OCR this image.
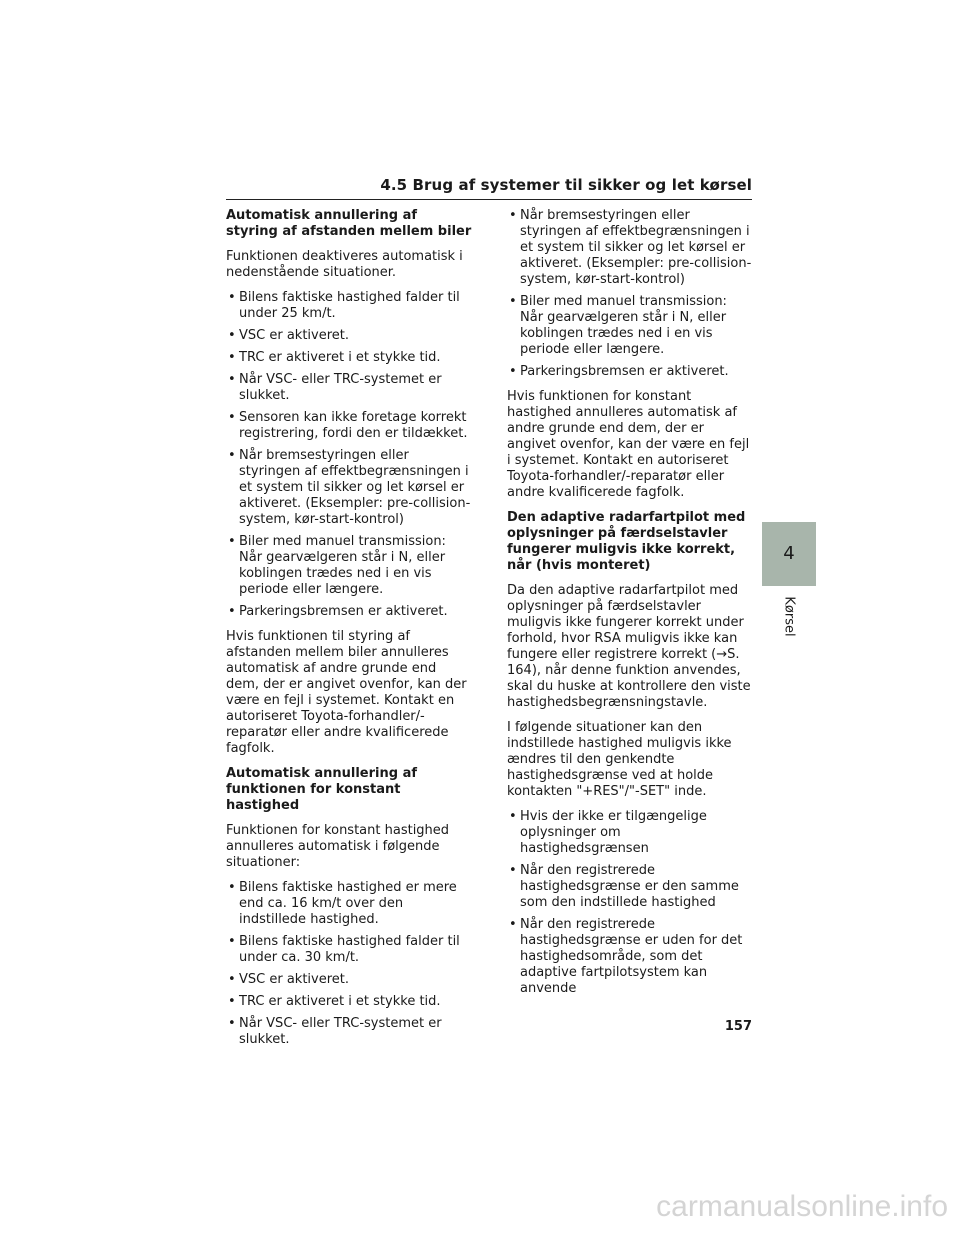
4.5 Brug af systemer til sikker og let kørsel
Automatisk annullering af styring af afstanden mellem biler

Funktionen deaktiveres automatisk i nedenstående situationer.

• Bilens faktiske hastighed falder til under 25 km/t.
• VSC er aktiveret.
• TRC er aktiveret i et stykke tid.
• Når VSC- eller TRC-systemet er slukket.
• Sensoren kan ikke foretage korrekt registrering, fordi den er tildækket.
• Når bremsestyringen eller styringen af effektbegrænsningen i et system til sikker og let kørsel er aktiveret. (Eksempler: pre-collision-system, kør-start-kontrol)
• Biler med manuel transmission: Når gearvælgeren står i N, eller koblingen trædes ned i en vis periode eller længere.
• Parkeringsbremsen er aktiveret.

Hvis funktionen til styring af afstanden mellem biler annulleres automatisk af andre grunde end dem, der er angivet ovenfor, kan der være en fejl i systemet. Kontakt en autoriseret Toyota-forhandler/-reparatør eller andre kvalificerede fagfolk.

Automatisk annullering af funktionen for konstant hastighed

Funktionen for konstant hastighed annulleres automatisk i følgende situationer:

• Bilens faktiske hastighed er mere end ca. 16 km/t over den indstillede hastighed.
• Bilens faktiske hastighed falder til under ca. 30 km/t.
• VSC er aktiveret.
• TRC er aktiveret i et stykke tid.
• Når VSC- eller TRC-systemet er slukket.
• Når bremsestyringen eller styringen af effektbegrænsningen i et system til sikker og let kørsel er aktiveret. (Eksempler: pre-collision-system, kør-start-kontrol)
• Biler med manuel transmission: Når gearvælgeren står i N, eller koblingen trædes ned i en vis periode eller længere.
• Parkeringsbremsen er aktiveret.

Hvis funktionen for konstant hastighed annulleres automatisk af andre grunde end dem, der er angivet ovenfor, kan der være en fejl i systemet. Kontakt en autoriseret Toyota-forhandler/-reparatør eller andre kvalificerede fagfolk.

Den adaptive radarfartpilot med oplysninger på færdselstavler fungerer muligvis ikke korrekt, når (hvis monteret)

Da den adaptive radarfartpilot med oplysninger på færdselstavler muligvis ikke fungerer korrekt under forhold, hvor RSA muligvis ikke kan fungere eller registrere korrekt (→S. 164), når denne funktion anvendes, skal du huske at kontrollere den viste hastighedsbegrænsningstavle.

I følgende situationer kan den indstillede hastighed muligvis ikke ændres til den genkendte hastighedsgrænse ved at holde kontakten "+RES"/"-SET" inde.

• Hvis der ikke er tilgængelige oplysninger om hastighedsgrænsen
• Når den registrerede hastighedsgrænse er den samme som den indstillede hastighed
• Når den registrerede hastighedsgrænse er uden for det hastighedsområde, som det adaptive fartpilotsystem kan anvende
4
Kørsel
157
carmanualsonline.info
